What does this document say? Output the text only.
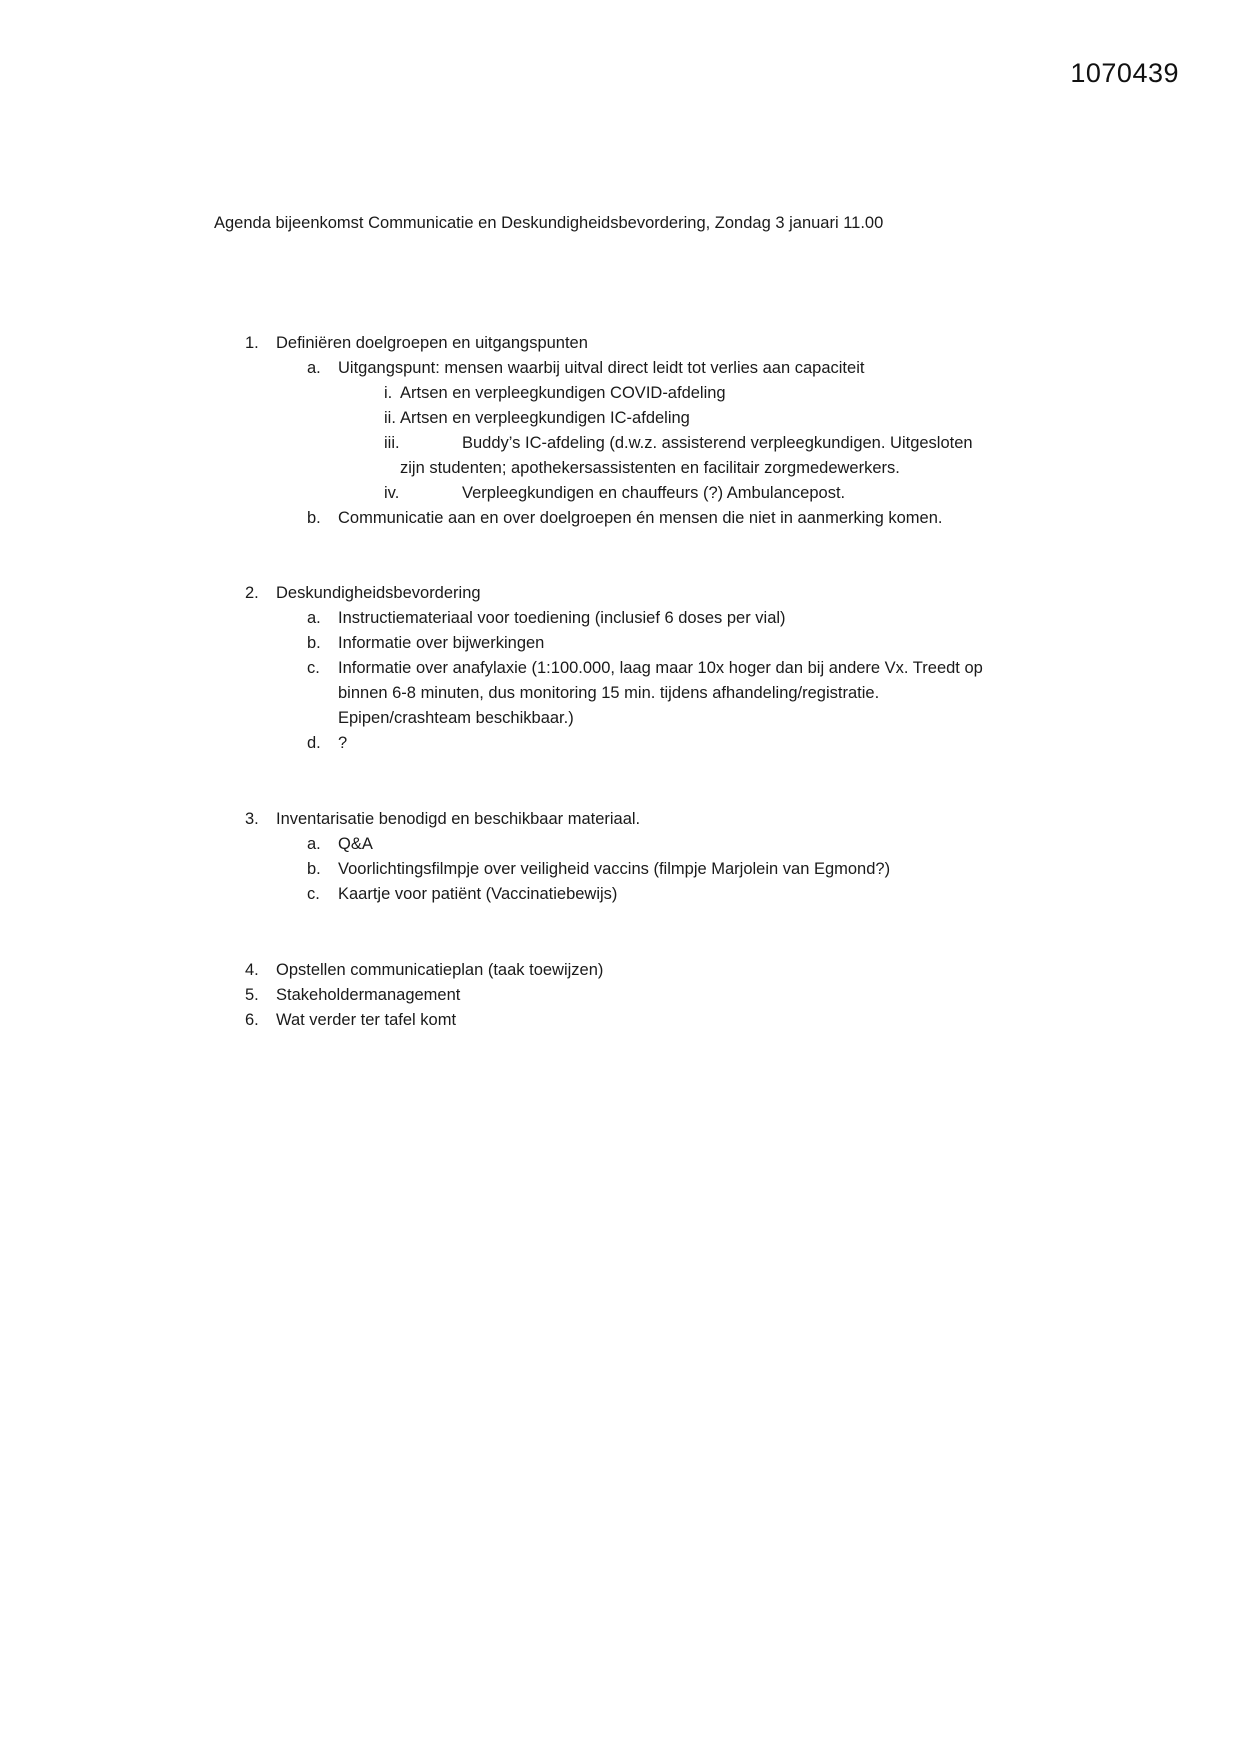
1070439
Agenda bijeenkomst Communicatie en Deskundigheidsbevordering, Zondag 3 januari 11.00
1. Definiëren doelgroepen en uitgangspunten
a. Uitgangspunt: mensen waarbij uitval direct leidt tot verlies aan capaciteit
i. Artsen en verpleegkundigen COVID-afdeling
ii. Artsen en verpleegkundigen IC-afdeling
iii.	Buddy’s IC-afdeling (d.w.z. assisterend verpleegkundigen. Uitgesloten
zijn studenten; apothekersassistenten en facilitair zorgmedewerkers.
iv.	Verpleegkundigen en chauffeurs (?) Ambulancepost.
b. Communicatie aan en over doelgroepen én mensen die niet in aanmerking komen.
2. Deskundigheidsbevordering
a. Instructiemateriaal voor toediening (inclusief 6 doses per vial)
b. Informatie over bijwerkingen
c. Informatie over anafylaxie (1:100.000, laag maar 10x hoger dan bij andere Vx. Treedt op
binnen 6-8 minuten, dus monitoring 15 min. tijdens afhandeling/registratie.
Epipen/crashteam beschikbaar.)
d. ?
3. Inventarisatie benodigd en beschikbaar materiaal.
a. Q&A
b. Voorlichtingsfilmpje over veiligheid vaccins (filmpje Marjolein van Egmond?)
c. Kaartje voor patiënt (Vaccinatiebewijs)
4. Opstellen communicatieplan (taak toewijzen)
5. Stakeholdermanagement
6. Wat verder ter tafel komt
